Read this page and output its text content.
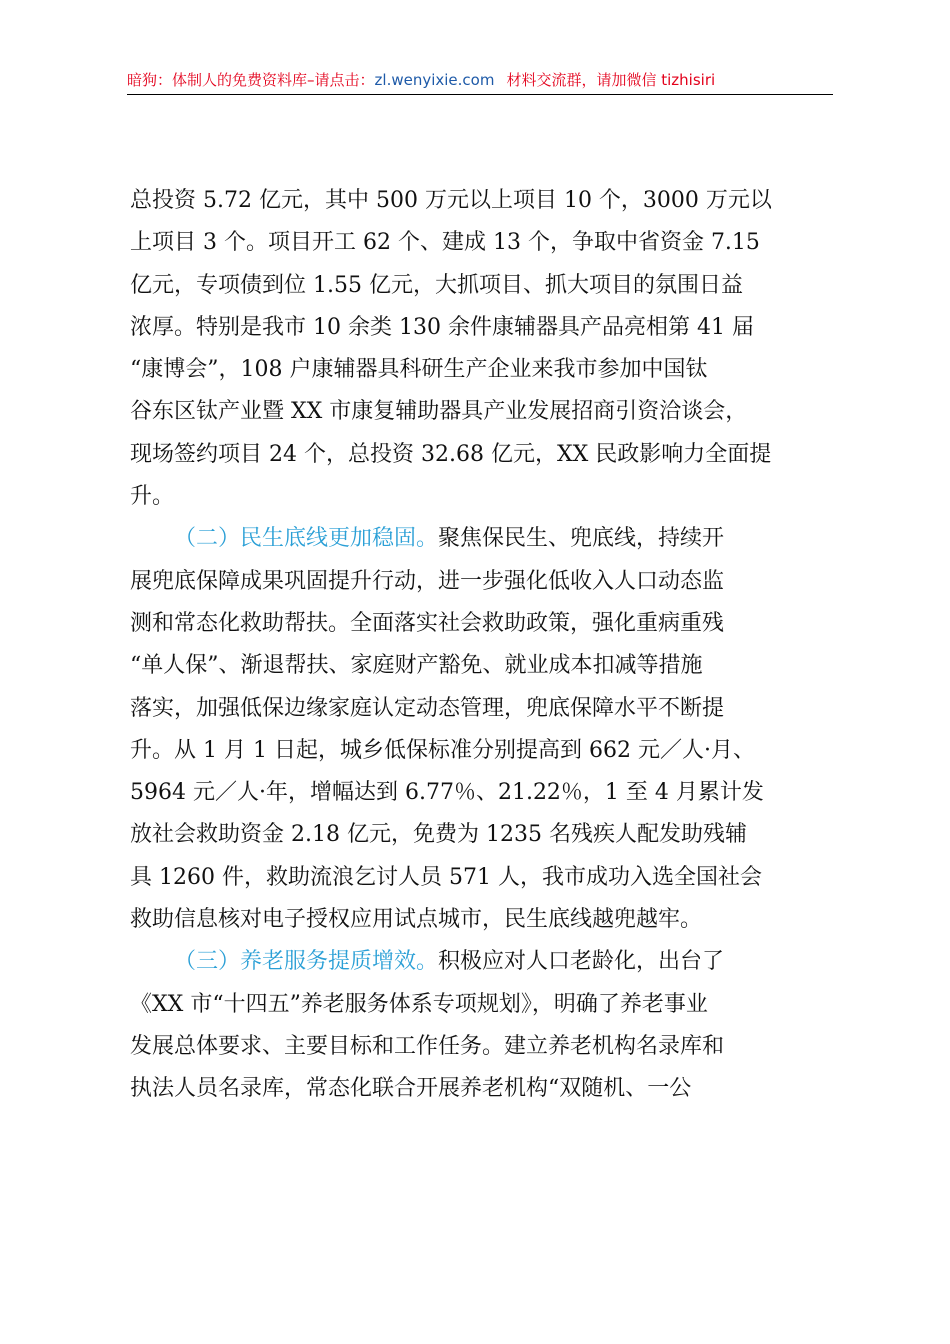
暗狗：体制人的免费资料库–请点击：zl.wenyixie.com 材料交流群，请加微信 tizhisiri
总投资 5.72 亿元，其中 500 万元以上项目 10 个，3000 万元以
上项目 3 个。项目开工 62 个、建成 13 个，争取中省资金 7.15
亿元，专项债到位 1.55 亿元，大抓项目、抓大项目的氛围日益
浓厚。特别是我市 10 余类 130 余件康辅器具产品亮相第 41 届
“康博会”，108 户康辅器具科研生产企业来我市参加中国钛
谷东区钛产业暨 XX 市康复辅助器具产业发展招商引资洽谈会，
现场签约项目 24 个，总投资 32.68 亿元，XX 民政影响力全面提
升。
（二）民生底线更加稳固。聚焦保民生、兜底线，持续开
展兜底保障成果巩固提升行动，进一步强化低收入人口动态监
测和常态化救助帮扶。全面落实社会救助政策，强化重病重残
“单人保”、渐退帮扶、家庭财产豁免、就业成本扣减等措施
落实，加强低保边缘家庭认定动态管理，兜底保障水平不断提
升。从 1 月 1 日起，城乡低保标准分别提高到 662 元／人·月、
5964 元／人·年，增幅达到 6.77％、21.22％，1 至 4 月累计发
放社会救助资金 2.18 亿元，免费为 1235 名残疾人配发助残辅
具 1260 件，救助流浪乞讨人员 571 人，我市成功入选全国社会
救助信息核对电子授权应用试点城市，民生底线越兜越牢。
（三）养老服务提质增效。积极应对人口老龄化，出台了
《XX 市“十四五”养老服务体系专项规划》，明确了养老事业
发展总体要求、主要目标和工作任务。建立养老机构名录库和
执法人员名录库，常态化联合开展养老机构“双随机、一公
